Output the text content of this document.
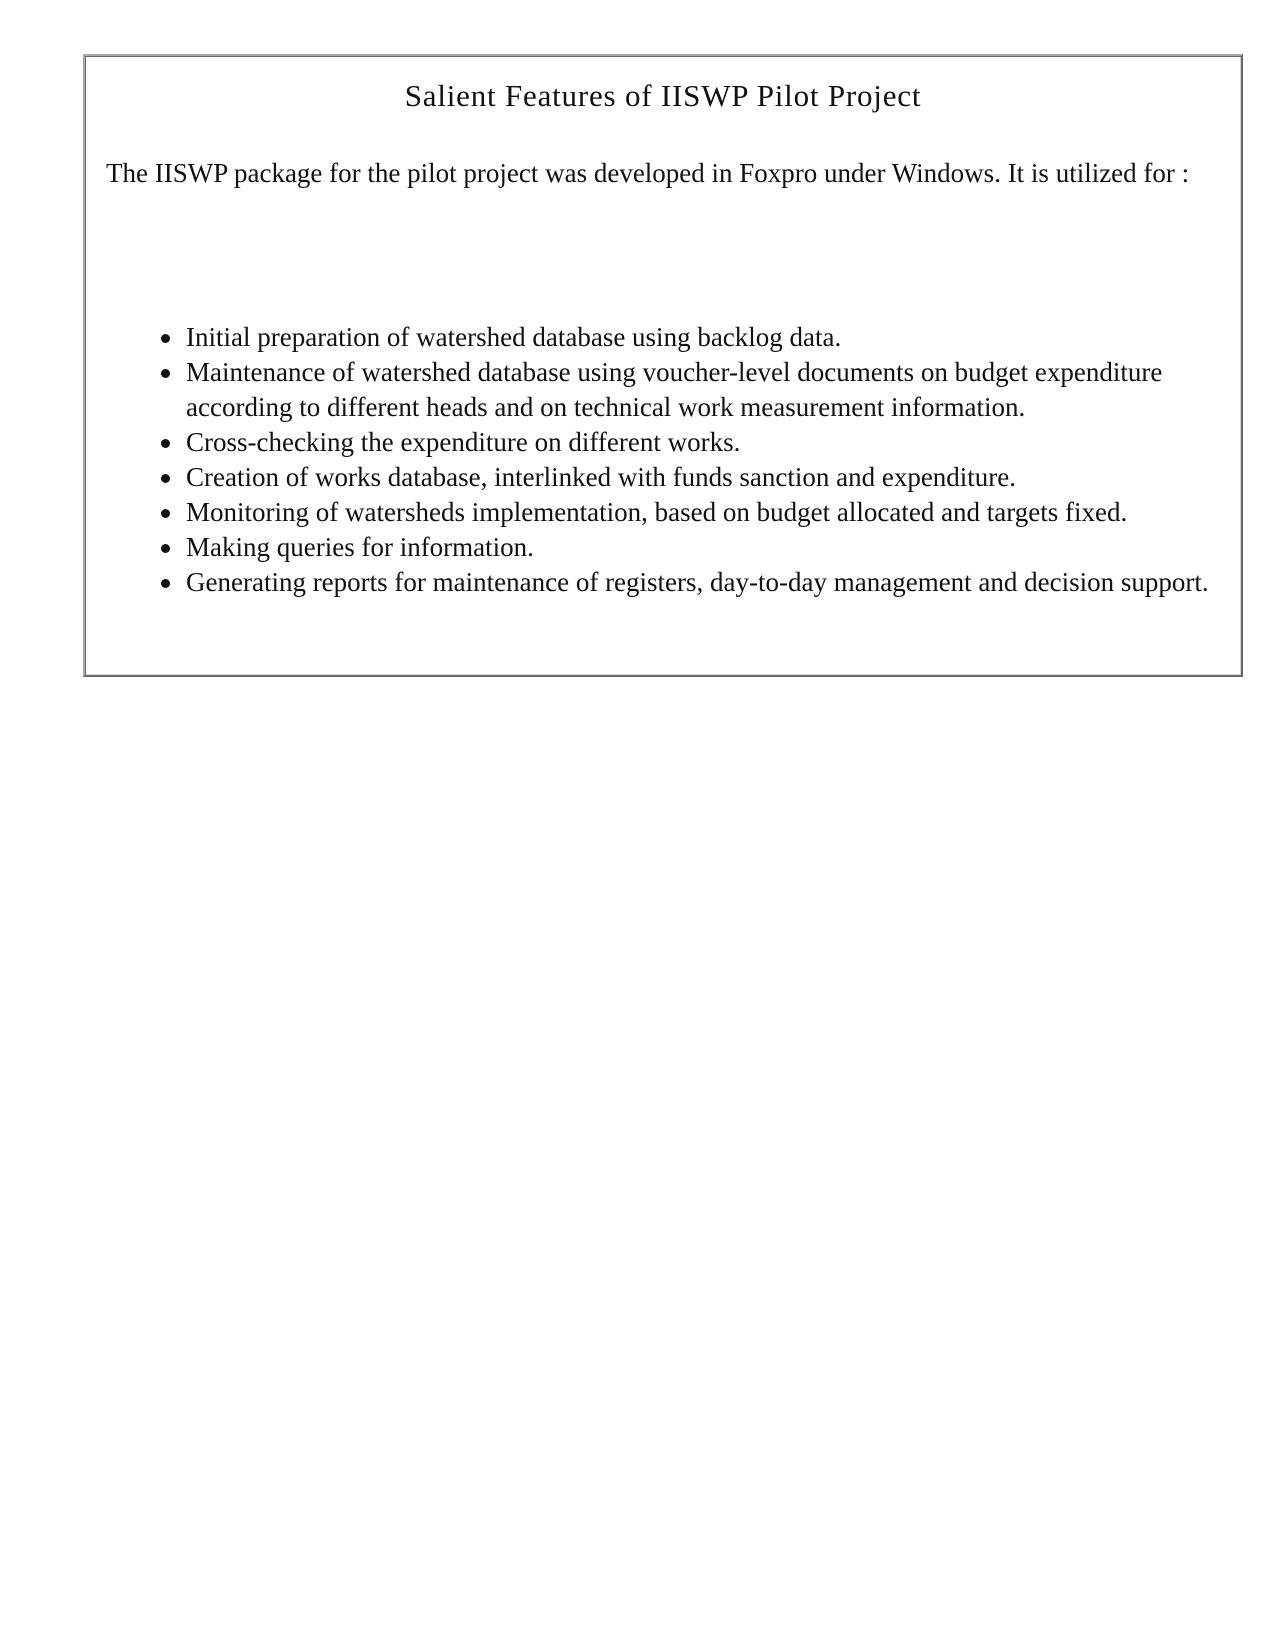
Salient Features of IISWP Pilot Project

The IISWP package for the pilot project was developed in Foxpro under Windows. It is utilized for :

Initial preparation of watershed database using backlog data.
Maintenance of watershed database using voucher-level documents on budget expenditure according to different heads and on technical work measurement information.
Cross-checking the expenditure on different works.
Creation of works database, interlinked with funds sanction and expenditure.
Monitoring of watersheds implementation, based on budget allocated and targets fixed.
Making queries for information.
Generating reports for maintenance of registers, day-to-day management and decision support.
